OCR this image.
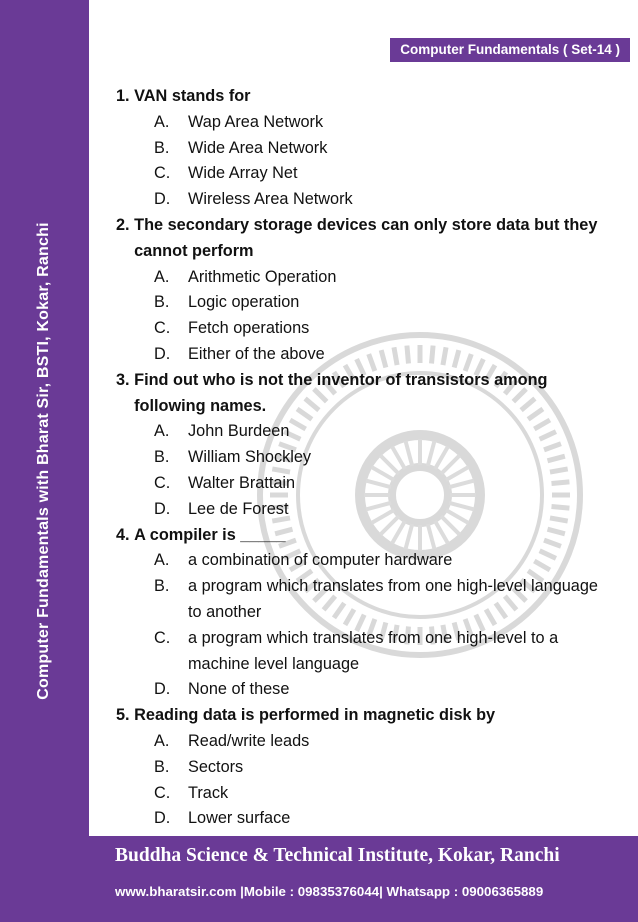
Computer Fundamentals with Bharat Sir, BSTI, Kokar, Ranchi
Computer Fundamentals ( Set-14 )
1.
VAN stands for
A.	Wap Area Network
B.	Wide Area Network
C.	Wide Array Net
D.	Wireless Area Network
2.
The secondary storage devices can only store data but they cannot perform
A.	Arithmetic Operation
B.	Logic operation
C.	Fetch operations
D.	Either of the above
3.
Find out who is not the inventor of transistors among following names.
A.	John Burdeen
B.	William Shockley
C.	Walter Brattain
D.	Lee de Forest
4.
A compiler is _____
A.	a combination of computer hardware
B.	a program which translates from one high-level language to another
C.	a program which translates from one high-level to a machine level language
D.	None of these
5.
Reading data is performed in magnetic disk by
A.	Read/write leads
B.	Sectors
C.	Track
D.	Lower surface
Buddha Science & Technical Institute, Kokar, Ranchi
www.bharatsir.com |Mobile : 09835376044| Whatsapp : 09006365889
